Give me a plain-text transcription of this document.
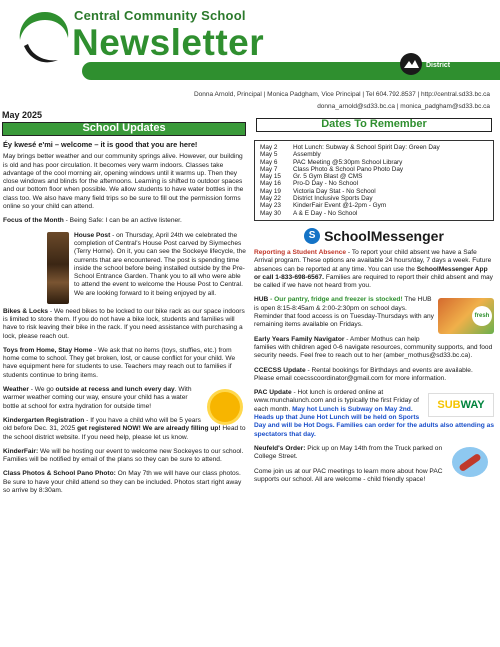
Central Community School
Newsletter	Chilliwack School District
Donna Arnold, Principal | Monica Padgham, Vice Principal | Tel 604.792.8537 | http://central.sd33.bc.ca
donna_arnold@sd33.bc.ca | monica_padgham@sd33.bc.ca
May 2025
School Updates	Dates To Remember
Éy kwesé e'mi – welcome – it is good that you are here!

May brings better weather and our community springs alive. However, our building is old and has poor circulation. It becomes very warm indoors. Classes take advantage of the cool morning air, opening windows until it warms up. Then they close windows and blinds for the afternoons. Learning is shifted to outdoor spaces and our bottom floor when possible. We allow students to have water bottles in the class too. We also have many field trips so be sure to fill out the permission forms online so your child can attend.

Focus of the Month - Being Safe: I can be an active listener.

House Post - on Thursday, April 24th we celebrated the completion of Central's House Post carved by Siymeches (Terry Horne). On it, you can see the Sockeye lifecycle, the currents that are encountered. The post is spending time inside the school before being installed outside by the Pre-School Entrance Garden. Thank you to all who were able to attend the event to welcome the House Post to Central. We are looking forward to it being enjoyed by all.

Bikes & Locks - We need bikes to be locked to our bike rack as our space indoors is limited to store them. If you do not have a bike lock, students and families will have to risk leaving their bike in the rack. If you need assistance with purchasing a lock, please reach out.

Toys from Home, Stay Home - We ask that no items (toys, stuffies, etc.) from home come to school. They get broken, lost, or cause conflict for your child. We have equipment here for students to use. Teachers may reach out to families if students continue to bring items.

Weather - We go outside at recess and lunch every day. With warmer weather coming our way, ensure your child has a water bottle at school for extra hydration for outside time!

Kindergarten Registration - If you have a child who will be 5 years old before Dec. 31, 2025 get registered NOW! We are already filling up! Head to the school district website. If you need help, please let us know.

KinderFair: We will be hosting our event to welcome new Sockeyes to our school. Families will be notified by email of the plans so they can be sure to attend.

Class Photos & School Pano Photo: On May 7th we will have our class photos. Be sure to have your child attend so they can be included. Photos start right away so arrive by 8:30am.

May 2	Hot Lunch: Subway & School Spirit Day: Green Day
May 5	Assembly
May 6	PAC Meeting @5:30pm School Library
May 7	Class Photo & School Pano Photo Day
May 15	Gr. 5 Gym Blast @ CMS
May 16	Pro-D Day - No School
May 19	Victoria Day Stat - No School
May 22	District Inclusive Sports Day
May 23	KinderFair Event @1-2pm - Gym
May 30	A & E Day - No School
S SchoolMessenger

Reporting a Student Absence - To report your child absent we have a Safe Arrival program. These options are available 24 hours/day, 7 days a week. Future absences can be reported at any time. You can use the SchoolMessenger App or call 1-833-698-6567. Families are required to report their child absent and may be called if we have not heard from you.

fresh
HUB - Our pantry, fridge and freezer is stocked! The HUB is open 8:15-8:45am & 2:00-2:30pm on school days. Reminder that food access is on Tuesday-Thursdays with any remaining items available on Fridays.

Early Years Family Navigator - Amber Mothus can help families with children aged 0-6 navigate resources, community supports, and food security needs. Feel free to reach out to her (amber_mothus@sd33.bc.ca).

CCECSS Update - Rental bookings for Birthdays and events are available. Please email ccecsscoordinator@gmail.com for more information.

SUBWAY
PAC Update - Hot lunch is ordered online at www.munchalunch.com and is typically the first Friday of each month. May hot Lunch is Subway on May 2nd. Heads up that June Hot Lunch will be held on Sports Day and will be Hot Dogs. Families can order for the adults also attending as spectators that day.

Neufeld's Order: Pick up on May 14th from the Truck parked on College Street.

Come join us at our PAC meetings to learn more about how PAC supports our school. All are welcome - child friendly space!
